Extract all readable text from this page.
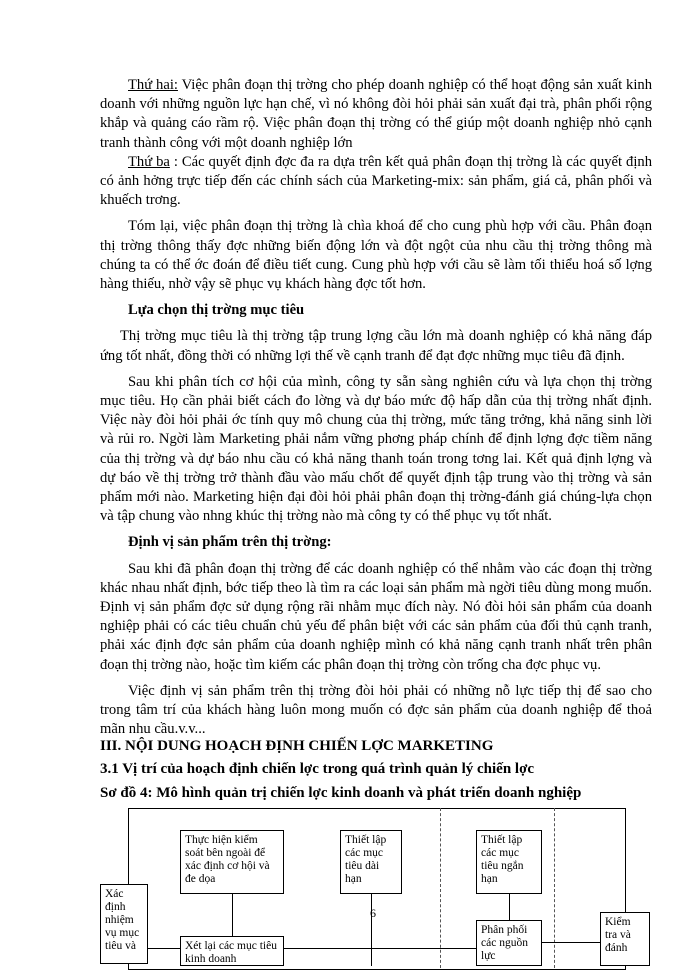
Thứ hai: Việc phân đoạn thị trờng cho phép doanh nghiệp có thể hoạt động sản xuất kinh doanh với những nguồn lực hạn chế, vì nó không đòi hỏi phải sản xuất đại trà, phân phối rộng khắp và quảng cáo rầm rộ. Việc phân đoạn thị trờng có thể giúp một doanh nghiệp nhỏ cạnh tranh thành công với một doanh nghiệp lớn

Thứ ba : Các quyết định đợc đa ra dựa trên kết quả phân đoạn thị trờng là các quyết định có ảnh hởng trực tiếp đến các chính sách của Marketing-mix: sản phẩm, giá cả, phân phối và khuếch trơng.

Tóm lại, việc phân đoạn thị trờng là chìa khoá để cho cung phù hợp với cầu. Phân đoạn thị trờng thông thấy đợc những biến động lớn và đột ngột của nhu cầu thị trờng thông mà chúng ta có thể ớc đoán để điều tiết cung. Cung phù hợp với cầu sẽ làm tối thiểu hoá số lợng hàng thiếu, nhờ vậy sẽ phục vụ khách hàng đợc tốt hơn.

Lựa chọn thị trờng mục tiêu

Thị trờng mục tiêu là thị trờng tập trung lợng cầu lớn mà doanh nghiệp có khả năng đáp ứng tốt nhất, đồng thời có những lợi thế về cạnh tranh để đạt đợc những mục tiêu đã định.

Sau khi phân tích cơ hội của mình, công ty sẵn sàng nghiên cứu và lựa chọn thị trờng mục tiêu. Họ cần phải biết cách đo lờng và dự báo mức độ hấp dẫn của thị trờng nhất định. Việc này đòi hỏi phải ớc tính quy mô chung của thị trờng, mức tăng trởng, khả năng sinh lời và rủi ro. Ngời làm Marketing phải nắm vững phơng pháp chính để định lợng đợc tiềm năng của thị trờng và dự báo nhu cầu có khả năng thanh toán trong tơng lai. Kết quả định lợng và dự báo về thị trờng trở thành đầu vào mấu chốt để quyết định tập trung vào thị trờng và sản phẩm mới nào. Marketing hiện đại đòi hỏi phải phân đoạn thị trờng-đánh giá chúng-lựa chọn và tập chung vào nhng khúc thị trờng nào mà công ty có thể phục vụ tốt nhất.

Định vị sản phẩm trên thị trờng:

Sau khi đã phân đoạn thị trờng để các doanh nghiệp có thể nhằm vào các đoạn thị trờng khác nhau nhất định, bớc tiếp theo là tìm ra các loại sản phẩm mà ngời tiêu dùng mong muốn. Định vị sản phẩm đợc sử dụng rộng rãi nhằm mục đích này. Nó đòi hỏi sản phẩm của doanh nghiệp phải có các tiêu chuẩn chủ yếu để phân biệt với các sản phẩm của đối thủ cạnh tranh, phải xác định đợc sản phẩm của doanh nghiệp mình có khả năng cạnh tranh nhất trên phân đoạn thị trờng nào, hoặc tìm kiếm các phân đoạn thị trờng còn trống cha đợc phục vụ.

Việc định vị sản phẩm trên thị trờng đòi hỏi phải có những nỗ lực tiếp thị để sao cho trong tâm trí của khách hàng luôn mong muốn có đợc sản phẩm của doanh nghiệp để thoả mãn nhu cầu.v.v...

III. NỘI DUNG HOẠCH ĐỊNH CHIẾN LỢC MARKETING
3.1 Vị trí của hoạch định chiến lợc trong quá trình quản lý chiến lợc
Sơ đồ 4: Mô hình quản trị chiến lợc kinh doanh và phát triển doanh nghiệp
Thực hiện kiểm soát bên ngoài để xác định cơ hội và đe dọa
Thiết lập các mục tiêu dài hạn
Thiết lập các mục tiêu ngắn hạn
Xác định nhiệm vụ mục tiêu và	Xét lại các mục tiêu kinh doanh
Phân phối các nguồn lực
Kiểm tra và đánh
6
